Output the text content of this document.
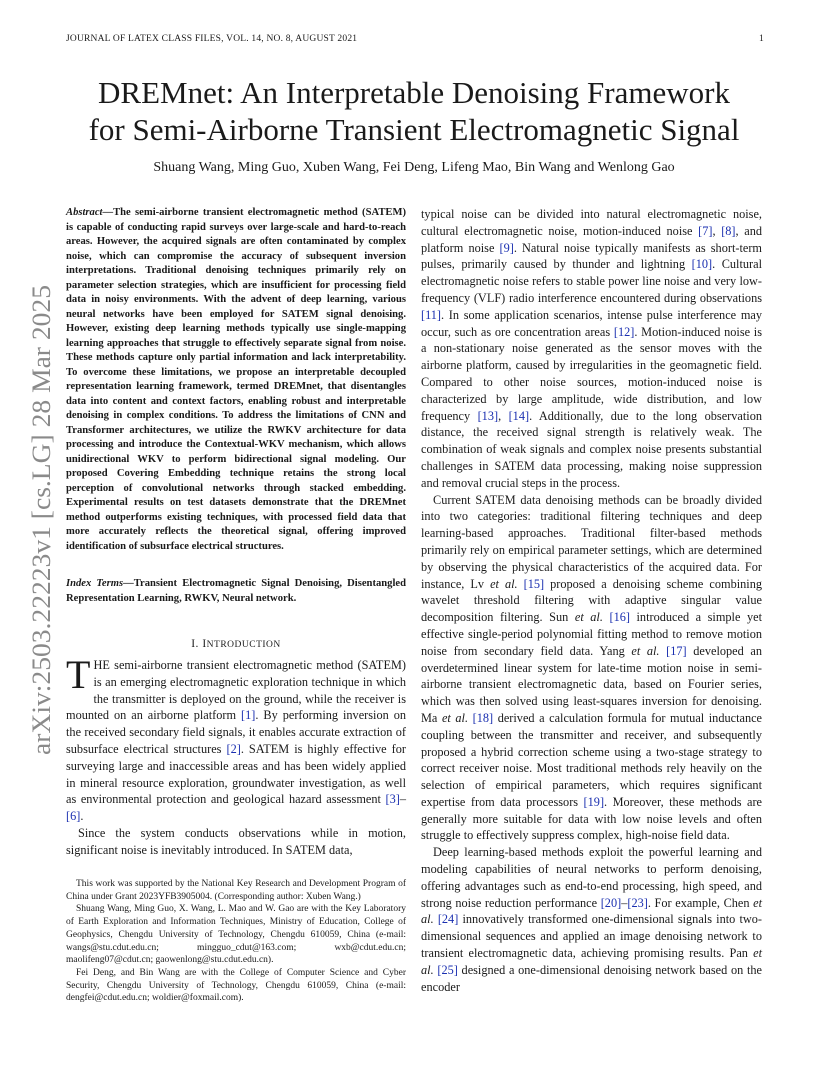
JOURNAL OF LATEX CLASS FILES, VOL. 14, NO. 8, AUGUST 2021	1
arXiv:2503.22223v1 [cs.LG] 28 Mar 2025
DREMnet: An Interpretable Denoising Framework
for Semi-Airborne Transient Electromagnetic Signal
Shuang Wang, Ming Guo, Xuben Wang, Fei Deng, Lifeng Mao, Bin Wang and Wenlong Gao
Abstract—The semi-airborne transient electromagnetic method (SATEM) is capable of conducting rapid surveys over large-scale and hard-to-reach areas. However, the acquired signals are often contaminated by complex noise, which can compromise the accuracy of subsequent inversion interpretations. Traditional denoising techniques primarily rely on parameter selection strategies, which are insufficient for processing field data in noisy environments. With the advent of deep learning, various neural networks have been employed for SATEM signal denoising. However, existing deep learning methods typically use single-mapping learning approaches that struggle to effectively separate signal from noise. These methods capture only partial information and lack interpretability. To overcome these limitations, we propose an interpretable decoupled representation learning framework, termed DREMnet, that disentangles data into content and context factors, enabling robust and interpretable denoising in complex conditions. To address the limitations of CNN and Transformer architectures, we utilize the RWKV architecture for data processing and introduce the Contextual-WKV mechanism, which allows unidirectional WKV to perform bidirectional signal modeling. Our proposed Covering Embedding technique retains the strong local perception of convolutional networks through stacked embedding. Experimental results on test datasets demonstrate that the DREMnet method outperforms existing techniques, with processed field data that more accurately reflects the theoretical signal, offering improved identification of subsurface electrical structures.
Index Terms—Transient Electromagnetic Signal Denoising, Disentangled Representation Learning, RWKV, Neural network.
I. INTRODUCTION

THE semi-airborne transient electromagnetic method (SATEM) is an emerging electromagnetic exploration technique in which the transmitter is deployed on the ground, while the receiver is mounted on an airborne platform [1]. By performing inversion on the received secondary field signals, it enables accurate extraction of subsurface electrical structures [2]. SATEM is highly effective for surveying large and inaccessible areas and has been widely applied in mineral resource exploration, groundwater investigation, as well as environmental protection and geological hazard assessment [3]–[6].

Since the system conducts observations while in motion, significant noise is inevitably introduced. In SATEM data,

This work was supported by the National Key Research and Development Program of China under Grant 2023YFB3905004. (Corresponding author: Xuben Wang.)

Shuang Wang, Ming Guo, X. Wang, L. Mao and W. Gao are with the Key Laboratory of Earth Exploration and Information Techniques, Ministry of Education, College of Geophysics, Chengdu University of Technology, Chengdu 610059, China (e-mail: wangs@stu.cdut.edu.cn; mingguo_cdut@163.com; wxb@cdut.edu.cn; maolifeng07@cdut.cn; gaowenlong@stu.cdut.edu.cn).

Fei Deng, and Bin Wang are with the College of Computer Science and Cyber Security, Chengdu University of Technology, Chengdu 610059, China (e-mail: dengfei@cdut.edu.cn; woldier@foxmail.com).

typical noise can be divided into natural electromagnetic noise, cultural electromagnetic noise, motion-induced noise [7], [8], and platform noise [9]. Natural noise typically manifests as short-term pulses, primarily caused by thunder and lightning [10]. Cultural electromagnetic noise refers to stable power line noise and very low-frequency (VLF) radio interference encountered during observations [11]. In some application scenarios, intense pulse interference may occur, such as ore concentration areas [12]. Motion-induced noise is a non-stationary noise generated as the sensor moves with the airborne platform, caused by irregularities in the geomagnetic field. Compared to other noise sources, motion-induced noise is characterized by large amplitude, wide distribution, and low frequency [13], [14]. Additionally, due to the long observation distance, the received signal strength is relatively weak. The combination of weak signals and complex noise presents substantial challenges in SATEM data processing, making noise suppression and removal crucial steps in the process.

Current SATEM data denoising methods can be broadly divided into two categories: traditional filtering techniques and deep learning-based approaches. Traditional filter-based methods primarily rely on empirical parameter settings, which are determined by observing the physical characteristics of the acquired data. For instance, Lv et al. [15] proposed a denoising scheme combining wavelet threshold filtering with adaptive singular value decomposition filtering. Sun et al. [16] introduced a simple yet effective single-period polynomial fitting method to remove motion noise from secondary field data. Yang et al. [17] developed an overdetermined linear system for late-time motion noise in semi-airborne transient electromagnetic data, based on Fourier series, which was then solved using least-squares inversion for denoising. Ma et al. [18] derived a calculation formula for mutual inductance coupling between the transmitter and receiver, and subsequently proposed a hybrid correction scheme using a two-stage strategy to correct receiver noise. Most traditional methods rely heavily on the selection of empirical parameters, which requires significant expertise from data processors [19]. Moreover, these methods are generally more suitable for data with low noise levels and often struggle to effectively suppress complex, high-noise field data.

Deep learning-based methods exploit the powerful learning and modeling capabilities of neural networks to perform denoising, offering advantages such as end-to-end processing, high speed, and strong noise reduction performance [20]–[23]. For example, Chen et al. [24] innovatively transformed one-dimensional signals into two-dimensional sequences and applied an image denoising network to transient electromagnetic data, achieving promising results. Pan et al. [25] designed a one-dimensional denoising network based on the encoder
